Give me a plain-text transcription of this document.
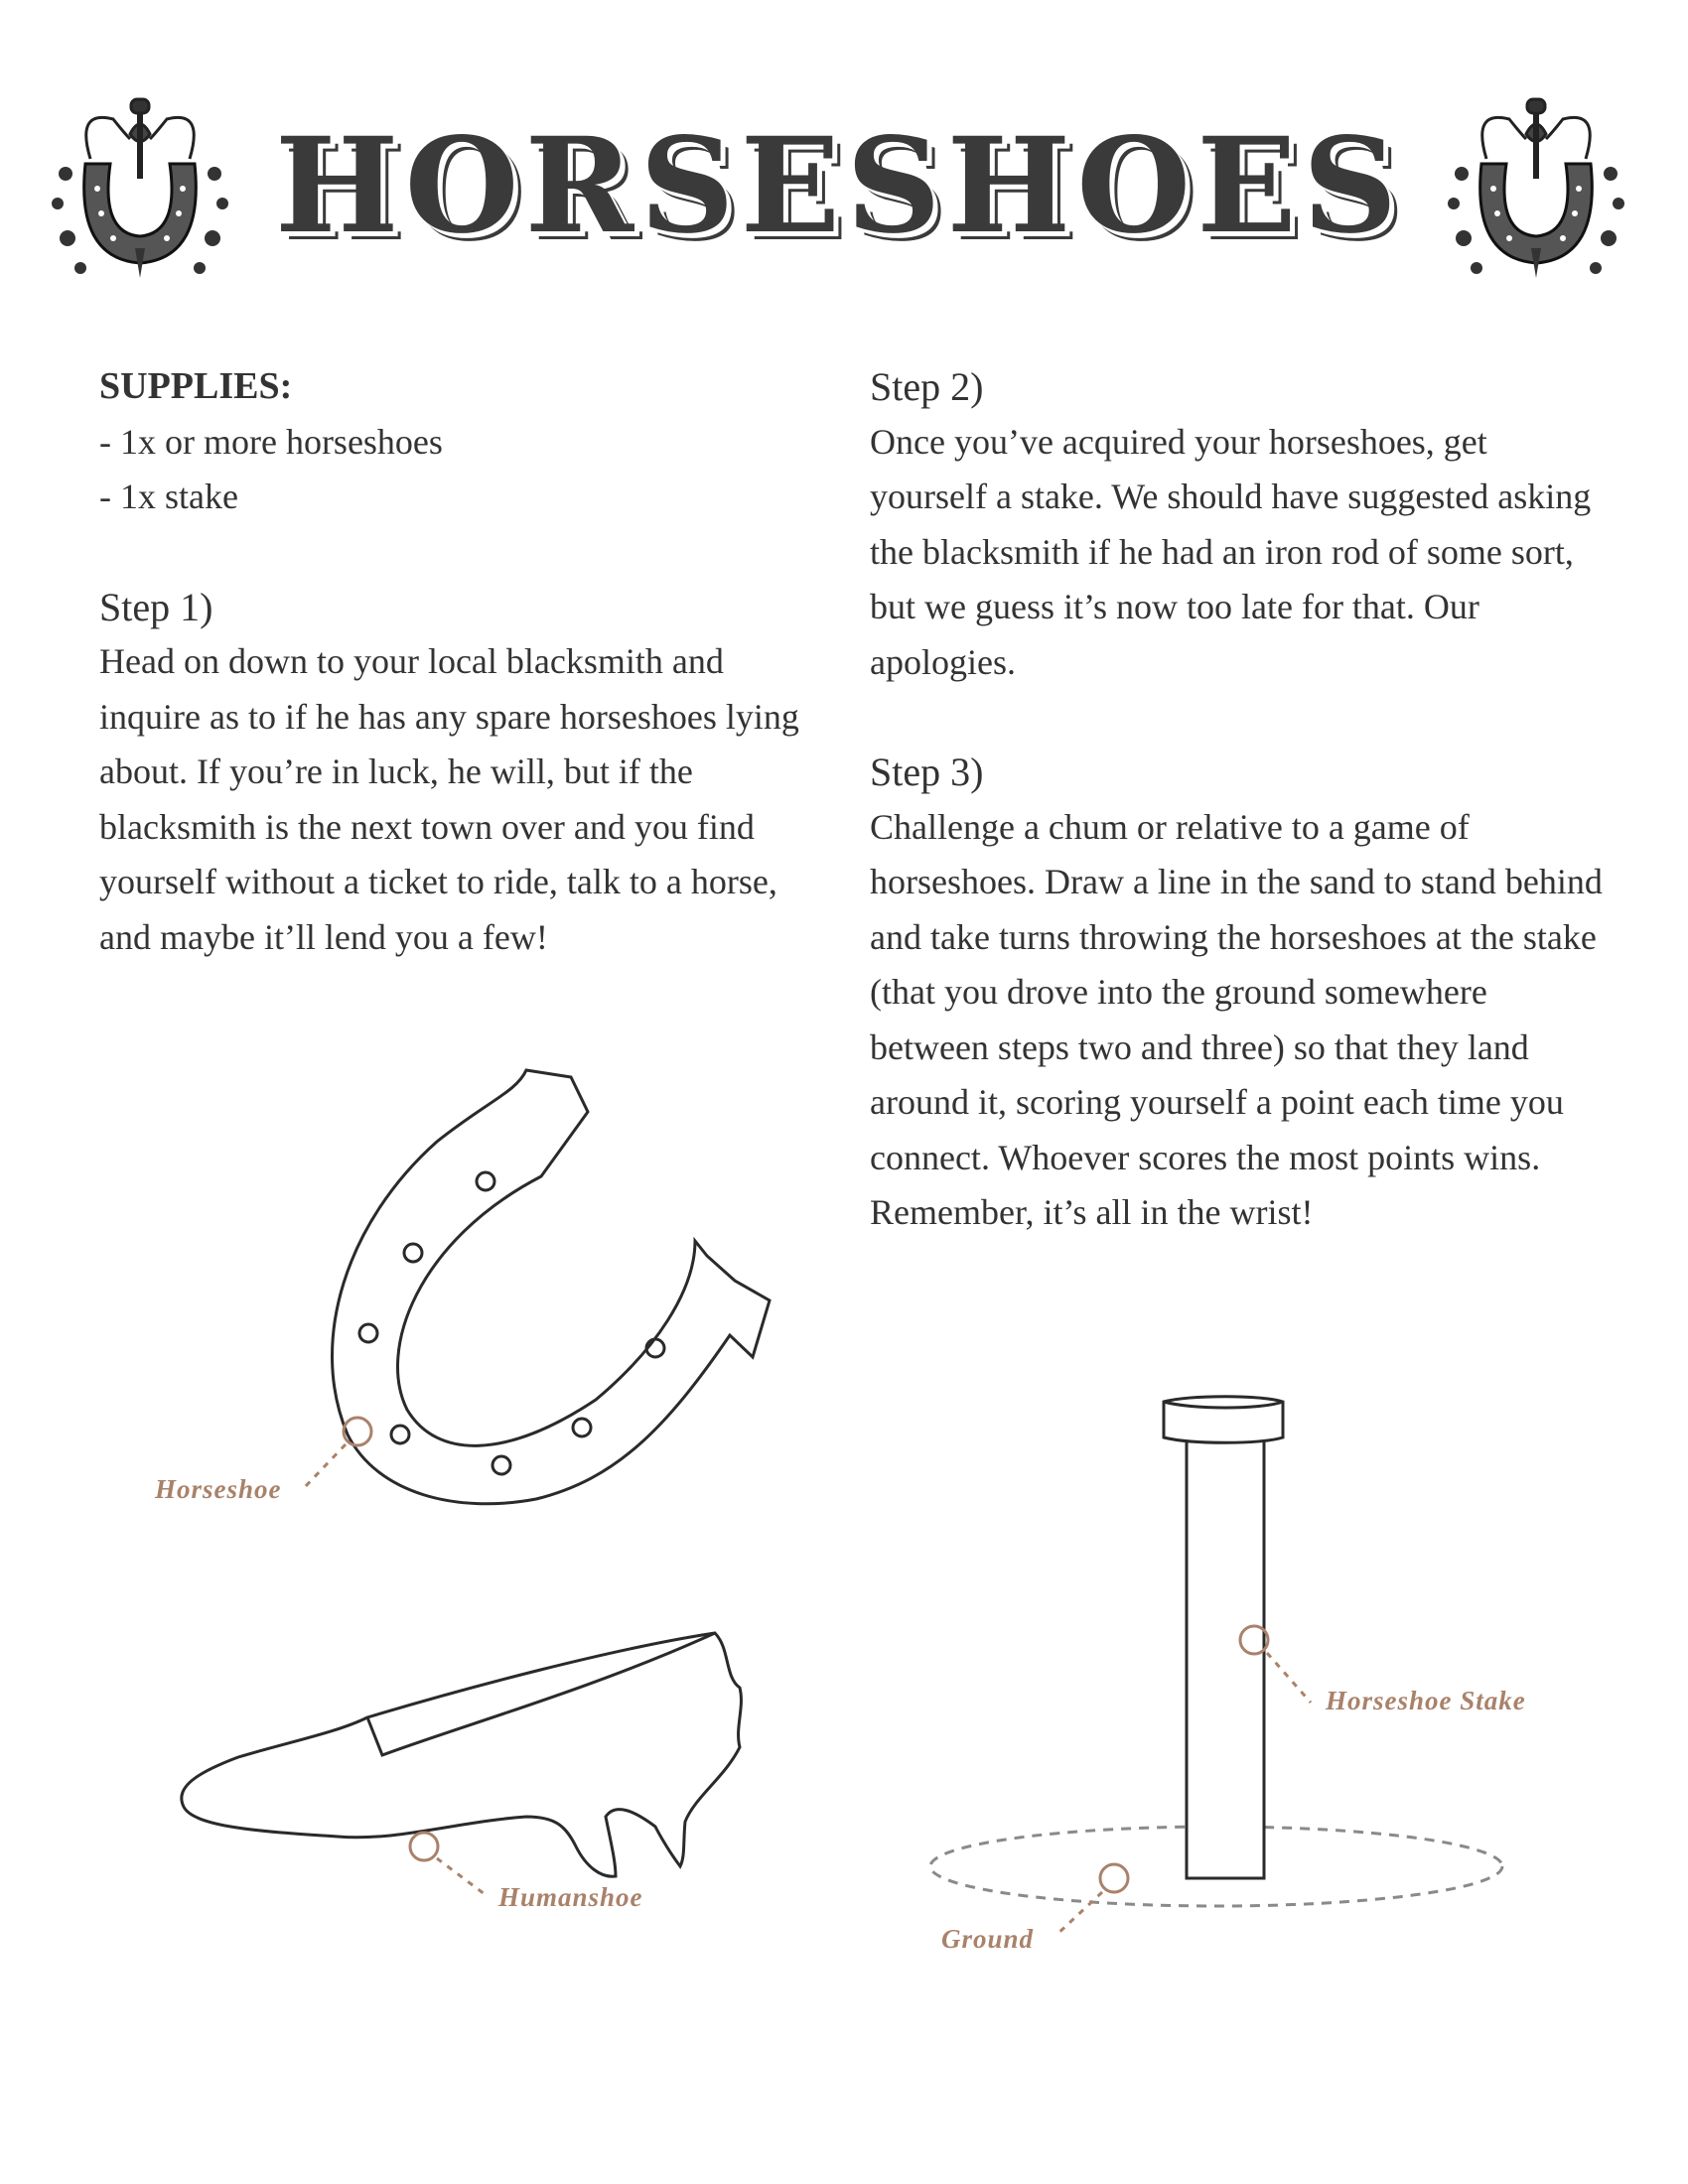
HORSESHOES

SUPPLIES:

- 1x or more horseshoes

- 1x stake

Step 1)

Head on down to your local blacksmith and inquire as to if he has any spare horseshoes lying about. If you’re in luck, he will, but if the blacksmith is the next town over and you find yourself without a ticket to ride, talk to a horse, and maybe it’ll lend you a few!

Step 2)

Once you’ve acquired your horseshoes, get yourself a stake. We should have suggested asking the blacksmith if he had an iron rod of some sort, but we guess it’s now too late for that. Our apologies.

Step 3)

Challenge a chum or relative to a game of horseshoes. Draw a line in the sand to stand behind and take turns throwing the horseshoes at the stake (that you drove into the ground somewhere between steps two and three) so that they land around it, scoring yourself a point each time you connect. Whoever scores the most points wins. Remember, it’s all in the wrist!

Horseshoe
Humanshoe
Horseshoe Stake
Ground
